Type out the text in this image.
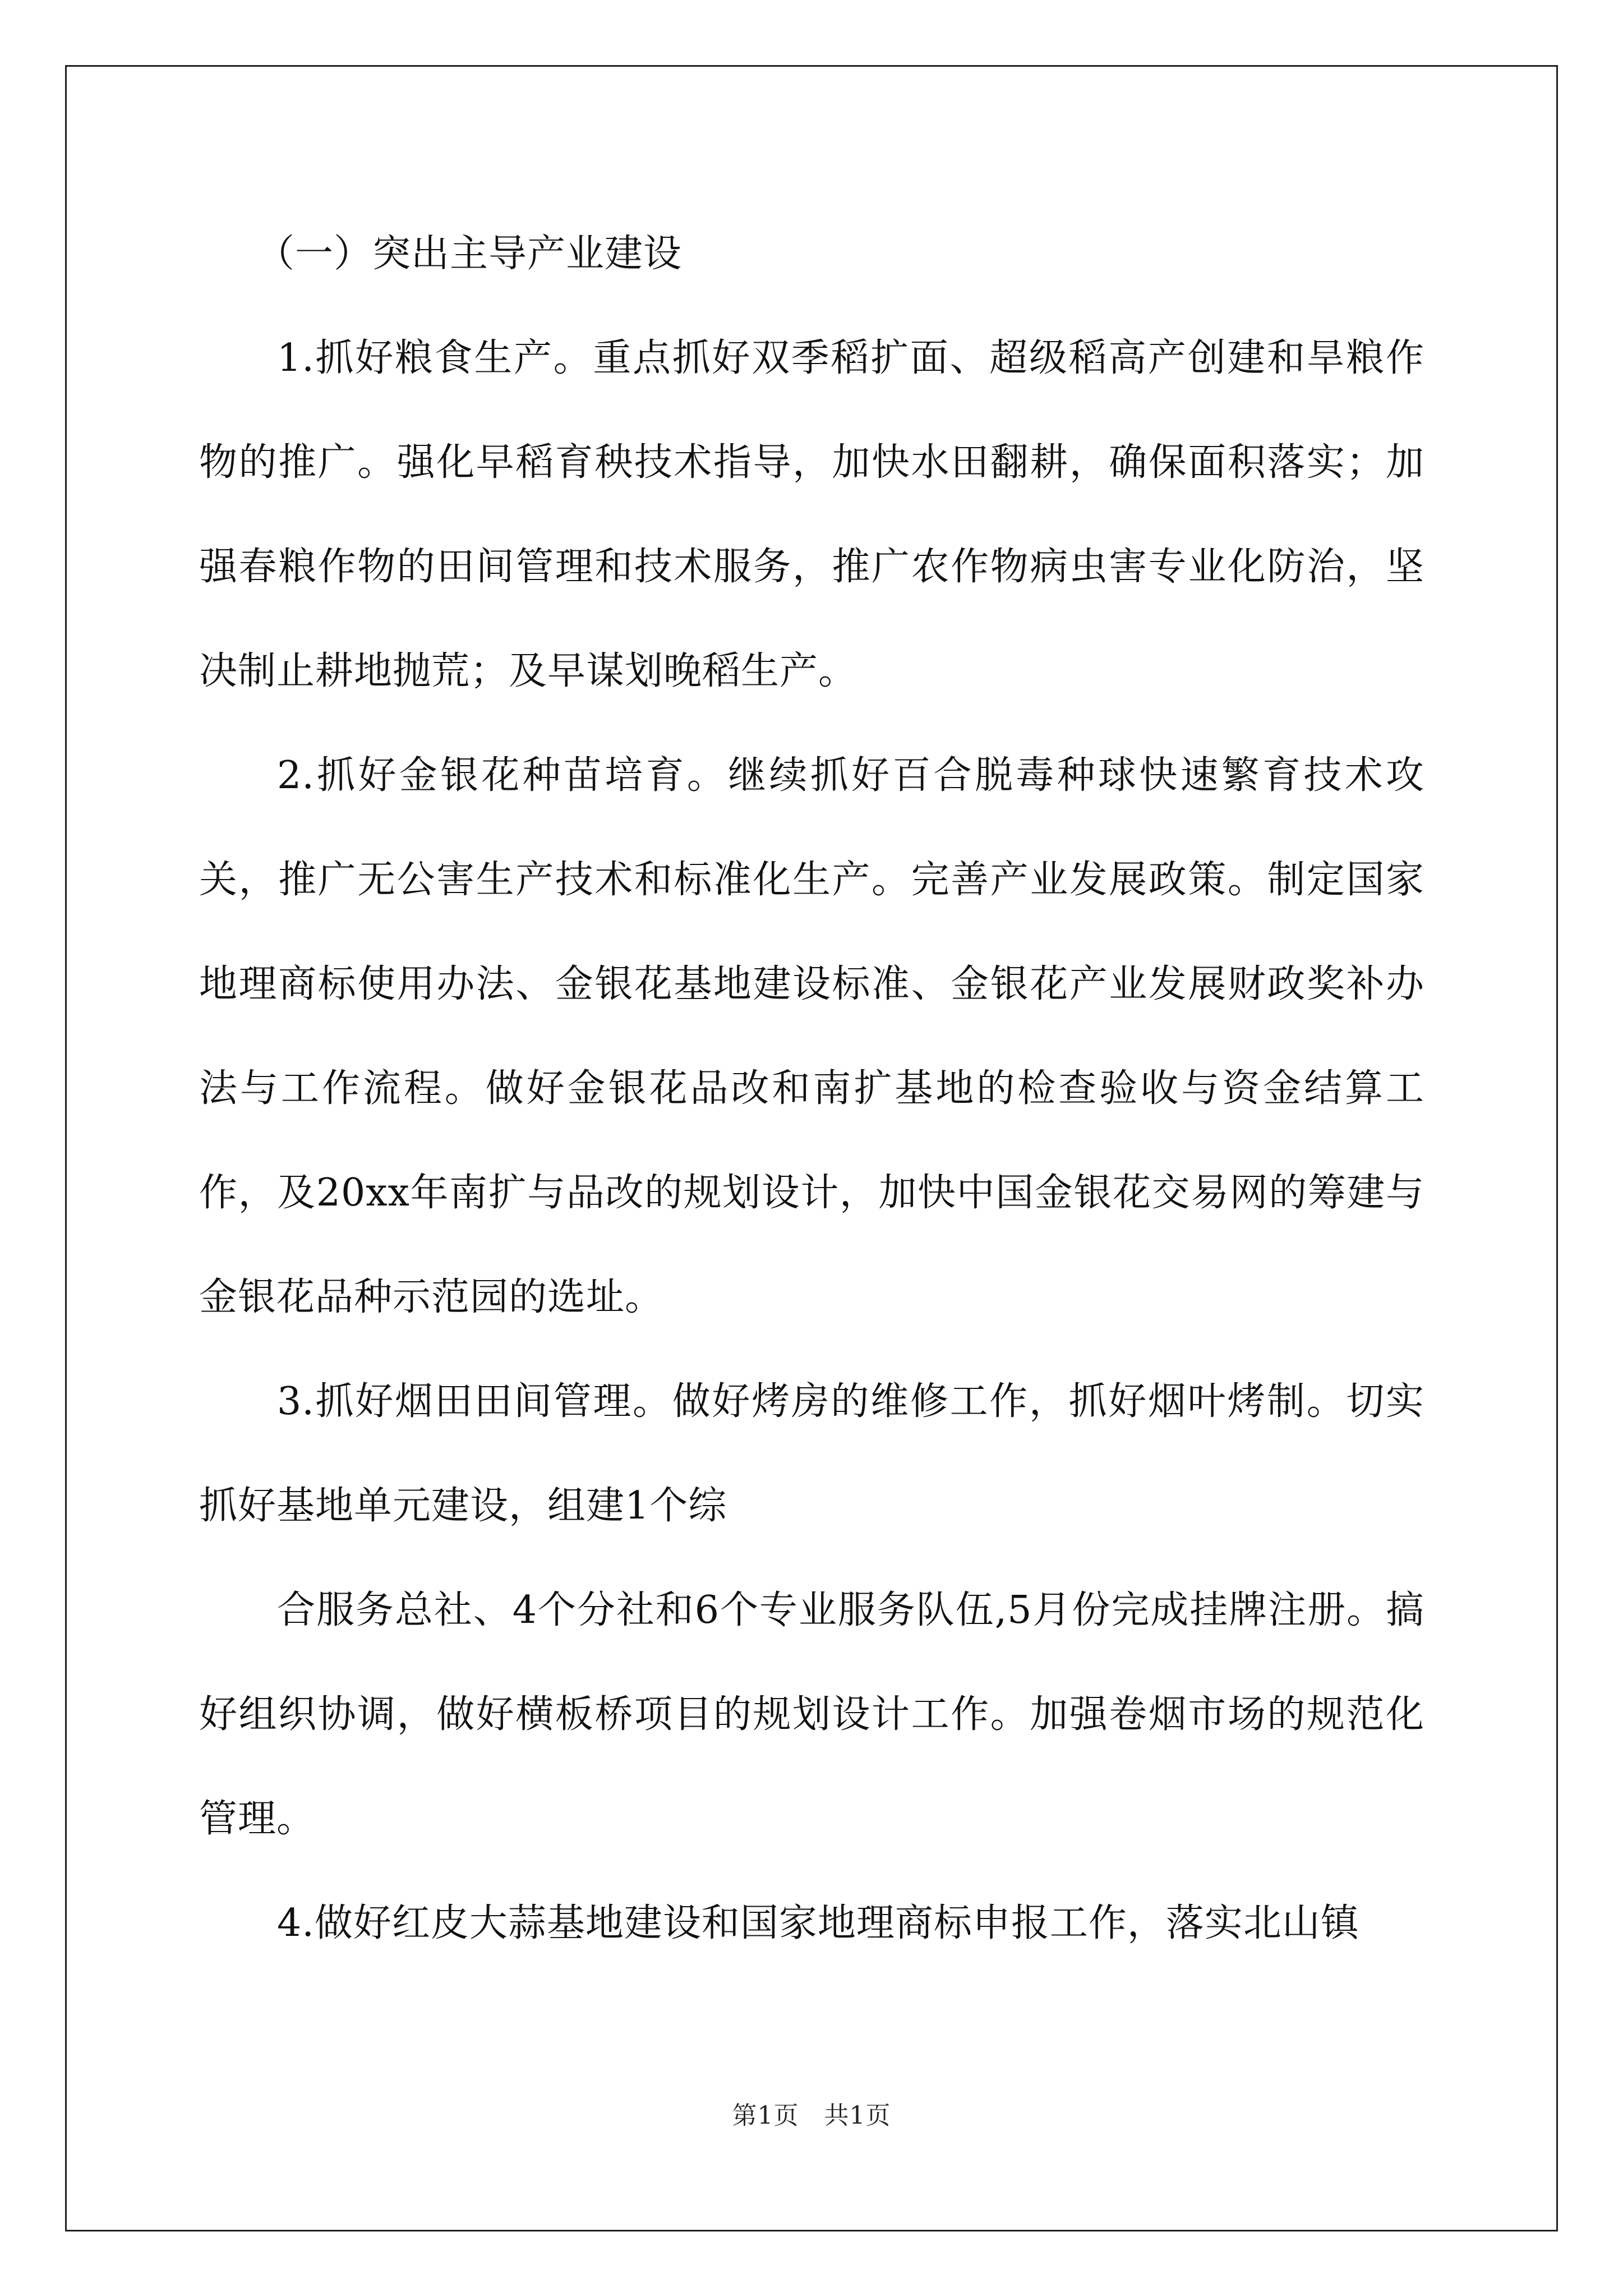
（一）突出主导产业建设

1.抓好粮食生产。重点抓好双季稻扩面、超级稻高产创建和旱粮作物的推广。强化早稻育秧技术指导，加快水田翻耕，确保面积落实；加强春粮作物的田间管理和技术服务，推广农作物病虫害专业化防治，坚决制止耕地抛荒；及早谋划晚稻生产。

2.抓好金银花种苗培育。继续抓好百合脱毒种球快速繁育技术攻关，推广无公害生产技术和标准化生产。完善产业发展政策。制定国家地理商标使用办法、金银花基地建设标准、金银花产业发展财政奖补办法与工作流程。做好金银花品改和南扩基地的检查验收与资金结算工作，及20xx年南扩与品改的规划设计，加快中国金银花交易网的筹建与金银花品种示范园的选址。

3.抓好烟田田间管理。做好烤房的维修工作，抓好烟叶烤制。切实抓好基地单元建设，组建1个综

合服务总社、4个分社和6个专业服务队伍,5月份完成挂牌注册。搞好组织协调，做好横板桥项目的规划设计工作。加强卷烟市场的规范化管理。

4.做好红皮大蒜基地建设和国家地理商标申报工作，落实北山镇

第1页　共1页
